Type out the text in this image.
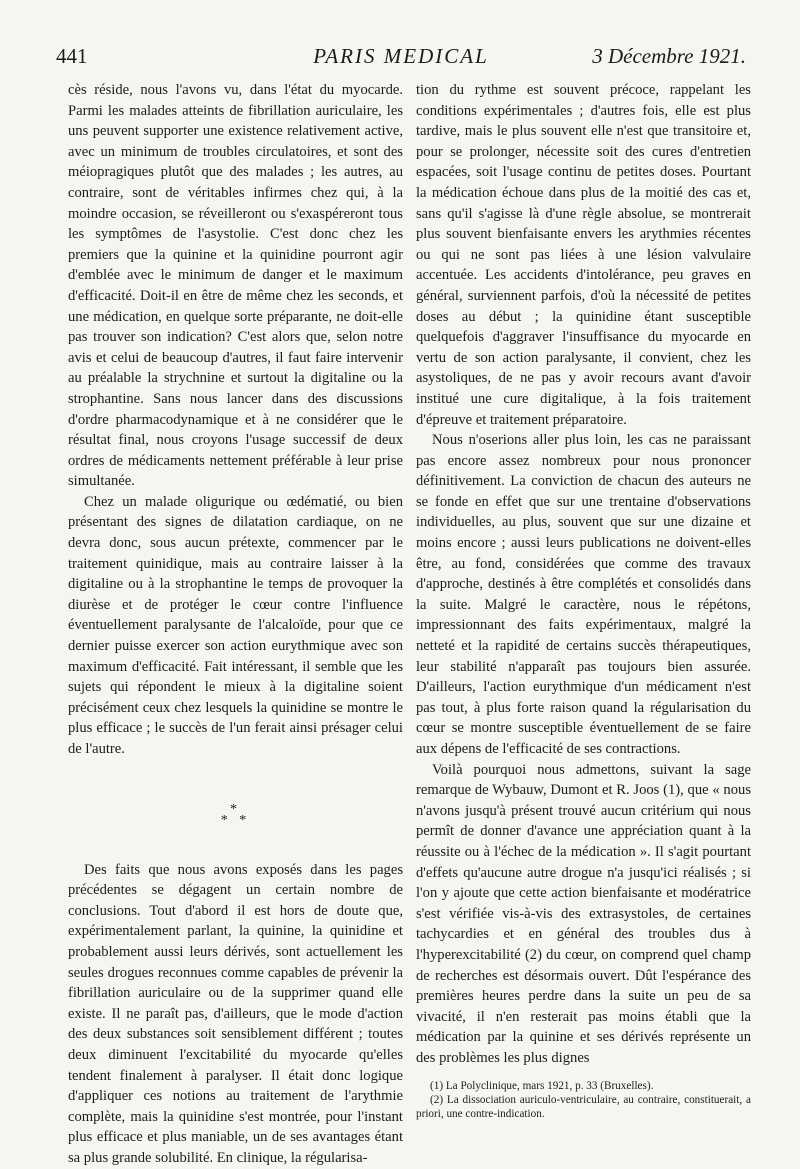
441	PARIS MEDICAL	3 Décembre 1921.

cès réside, nous l'avons vu, dans l'état du myocarde. Parmi les malades atteints de fibrillation auriculaire, les uns peuvent supporter une existence relativement active, avec un minimum de troubles circulatoires, et sont des méiopragiques plutôt que des malades ; les autres, au contraire, sont de véritables infirmes chez qui, à la moindre occasion, se réveilleront ou s'exaspéreront tous les symptômes de l'asystolie. C'est donc chez les premiers que la quinine et la quinidine pourront agir d'emblée avec le minimum de danger et le maximum d'efficacité. Doit-il en être de même chez les seconds, et une médication, en quelque sorte préparante, ne doit-elle pas trouver son indication? C'est alors que, selon notre avis et celui de beaucoup d'autres, il faut faire intervenir au préalable la strychnine et surtout la digitaline ou la strophantine. Sans nous lancer dans des discussions d'ordre pharmacodynamique et à ne considérer que le résultat final, nous croyons l'usage successif de deux ordres de médicaments nettement préférable à leur prise simultanée.

Chez un malade oligurique ou œdématié, ou bien présentant des signes de dilatation cardiaque, on ne devra donc, sous aucun prétexte, commencer par le traitement quinidique, mais au contraire laisser à la digitaline ou à la strophantine le temps de provoquer la diurèse et de protéger le cœur contre l'influence éventuellement paralysante de l'alcaloïde, pour que ce dernier puisse exercer son action eurythmique avec son maximum d'efficacité. Fait intéressant, il semble que les sujets qui répondent le mieux à la digitaline soient précisément ceux chez lesquels la quinidine se montre le plus efficace ; le succès de l'un ferait ainsi présager celui de l'autre.

*
* *

Des faits que nous avons exposés dans les pages précédentes se dégagent un certain nombre de conclusions. Tout d'abord il est hors de doute que, expérimentalement parlant, la quinine, la quinidine et probablement aussi leurs dérivés, sont actuellement les seules drogues reconnues comme capables de prévenir la fibrillation auriculaire ou de la supprimer quand elle existe. Il ne paraît pas, d'ailleurs, que le mode d'action des deux substances soit sensiblement différent ; toutes deux diminuent l'excitabilité du myocarde qu'elles tendent finalement à paralyser. Il était donc logique d'appliquer ces notions au traitement de l'arythmie complète, mais la quinidine s'est montrée, pour l'instant plus efficace et plus maniable, un de ses avantages étant sa plus grande solubilité. En clinique, la régularisa-

tion du rythme est souvent précoce, rappelant les conditions expérimentales ; d'autres fois, elle est plus tardive, mais le plus souvent elle n'est que transitoire et, pour se prolonger, nécessite soit des cures d'entretien espacées, soit l'usage continu de petites doses. Pourtant la médication échoue dans plus de la moitié des cas et, sans qu'il s'agisse là d'une règle absolue, se montrerait plus souvent bienfaisante envers les arythmies récentes ou qui ne sont pas liées à une lésion valvulaire accentuée. Les accidents d'intolérance, peu graves en général, surviennent parfois, d'où la nécessité de petites doses au début ; la quinidine étant susceptible quelquefois d'aggraver l'insuffisance du myocarde en vertu de son action paralysante, il convient, chez les asystoliques, de ne pas y avoir recours avant d'avoir institué une cure digitalique, à la fois traitement d'épreuve et traitement préparatoire.

Nous n'oserions aller plus loin, les cas ne paraissant pas encore assez nombreux pour nous prononcer définitivement. La conviction de chacun des auteurs ne se fonde en effet que sur une trentaine d'observations individuelles, au plus, souvent que sur une dizaine et moins encore ; aussi leurs publications ne doivent-elles être, au fond, considérées que comme des travaux d'approche, destinés à être complétés et consolidés dans la suite. Malgré le caractère, nous le répétons, impressionnant des faits expérimentaux, malgré la netteté et la rapidité de certains succès thérapeutiques, leur stabilité n'apparaît pas toujours bien assurée. D'ailleurs, l'action eurythmique d'un médicament n'est pas tout, à plus forte raison quand la régularisation du cœur se montre susceptible éventuellement de se faire aux dépens de l'efficacité de ses contractions.

Voilà pourquoi nous admettons, suivant la sage remarque de Wybauw, Dumont et R. Joos (1), que « nous n'avons jusqu'à présent trouvé aucun critérium qui nous permît de donner d'avance une appréciation quant à la réussite ou à l'échec de la médication ». Il s'agit pourtant d'effets qu'aucune autre drogue n'a jusqu'ici réalisés ; si l'on y ajoute que cette action bienfaisante et modératrice s'est vérifiée vis-à-vis des extrasystoles, de certaines tachycardies et en général des troubles dus à l'hyperexcitabilité (2) du cœur, on comprend quel champ de recherches est désormais ouvert. Dût l'espérance des premières heures perdre dans la suite un peu de sa vivacité, il n'en resterait pas moins établi que la médication par la quinine et ses dérivés représente un des problèmes les plus dignes

(1) La Polyclinique, mars 1921, p. 33 (Bruxelles).

(2) La dissociation auriculo-ventriculaire, au contraire, constituerait, a priori, une contre-indication.
